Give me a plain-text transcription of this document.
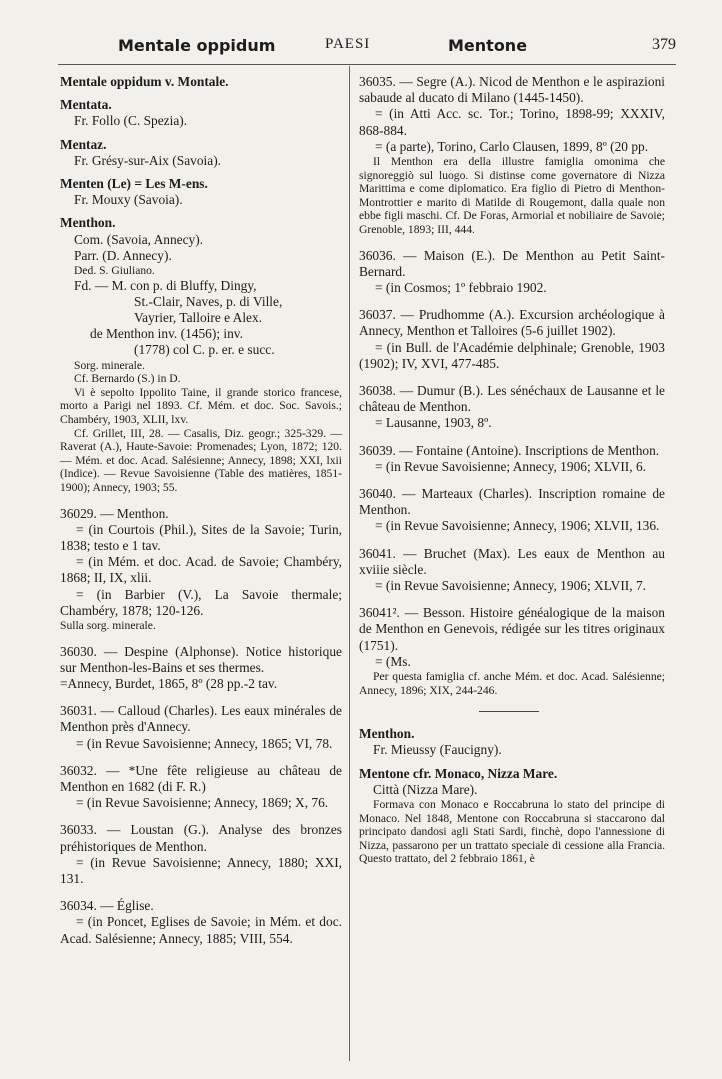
Mentale oppidum	PAESI	Mentone	379

Mentale oppidum v. Montale.

Mentata.

Fr. Follo (C. Spezia).

Mentaz.

Fr. Grésy-sur-Aix (Savoia).

Menten (Le) = Les M-ens.

Fr. Mouxy (Savoia).

Menthon.

Com. (Savoia, Annecy).

Parr. (D. Annecy).

Ded. S. Giuliano.

Fd. — M. con p. di Bluffy, Dingy,

St.-Clair, Naves, p. di Ville,

Vayrier, Talloire e Alex.

de Menthon inv. (1456); inv.

(1778) col C. p. er. e succ.

Sorg. minerale.

Cf. Bernardo (S.) in D.

Vi è sepolto Ippolito Taine, il grande storico francese, morto a Parigi nel 1893. Cf. Mém. et doc. Soc. Savois.; Chambéry, 1903, XLII, lxv.

Cf. Grillet, III, 28. — Casalis, Diz. geogr.; 325-329. — Raverat (A.), Haute-Savoie: Promenades; Lyon, 1872; 120. — Mém. et doc. Acad. Salésienne; Annecy, 1898; XXI, lxii (Indice). — Revue Savoisienne (Table des matières, 1851-1900); Annecy, 1903; 55.

36029. — Menthon.

= (in Courtois (Phil.), Sites de la Savoie; Turin, 1838; testo e 1 tav.

= (in Mém. et doc. Acad. de Savoie; Chambéry, 1868; II, IX, xlii.

= (in Barbier (V.), La Savoie thermale; Chambéry, 1878; 120-126.

Sulla sorg. minerale.

36030. — Despine (Alphonse). Notice historique sur Menthon-les-Bains et ses thermes.

=Annecy, Burdet, 1865, 8º (28 pp.-2 tav.

36031. — Calloud (Charles). Les eaux minérales de Menthon près d'Annecy.

= (in Revue Savoisienne; Annecy, 1865; VI, 78.

36032. — *Une fête religieuse au château de Menthon en 1682 (di F. R.)

= (in Revue Savoisienne; Annecy, 1869; X, 76.

36033. — Loustan (G.). Analyse des bronzes préhistoriques de Menthon.

= (in Revue Savoisienne; Annecy, 1880; XXI, 131.

36034. — Église.

= (in Poncet, Eglises de Savoie; in Mém. et doc. Acad. Salésienne; Annecy, 1885; VIII, 554.

36035. — Segre (A.). Nicod de Menthon e le aspirazioni sabaude al ducato di Milano (1445-1450).

= (in Atti Acc. sc. Tor.; Torino, 1898-99; XXXIV, 868-884.

= (a parte), Torino, Carlo Clausen, 1899, 8º (20 pp.

Il Menthon era della illustre famiglia omonima che signoreggiò sul luogo. Si distinse come governatore di Nizza Marittima e come diplomatico. Era figlio di Pietro di Menthon-Montrottier e marito di Matilde di Rougemont, dalla quale non ebbe figli maschi. Cf. De Foras, Armorial et nobiliaire de Savoie; Grenoble, 1893; III, 444.

36036. — Maison (E.). De Menthon au Petit Saint-Bernard.

= (in Cosmos; 1º febbraio 1902.

36037. — Prudhomme (A.). Excursion archéologique à Annecy, Menthon et Talloires (5-6 juillet 1902).

= (in Bull. de l'Académie delphinale; Grenoble, 1903 (1902); IV, XVI, 477-485.

36038. — Dumur (B.). Les sénéchaux de Lausanne et le château de Menthon.

= Lausanne, 1903, 8º.

36039. — Fontaine (Antoine). Inscriptions de Menthon.

= (in Revue Savoisienne; Annecy, 1906; XLVII, 6.

36040. — Marteaux (Charles). Inscription romaine de Menthon.

= (in Revue Savoisienne; Annecy, 1906; XLVII, 136.

36041. — Bruchet (Max). Les eaux de Menthon au xviiie siècle.

= (in Revue Savoisienne; Annecy, 1906; XLVII, 7.

36041². — Besson. Histoire généalogique de la maison de Menthon en Genevois, rédigée sur les titres originaux (1751).

= (Ms.

Per questa famiglia cf. anche Mém. et doc. Acad. Salésienne; Annecy, 1896; XIX, 244-246.

Menthon.

Fr. Mieussy (Faucigny).

Mentone cfr. Monaco, Nizza Mare.

Città (Nizza Mare).

Formava con Monaco e Roccabruna lo stato del principe di Monaco. Nel 1848, Mentone con Roccabruna si staccarono dal principato dandosi agli Stati Sardi, finchè, dopo l'annessione di Nizza, passarono per un trattato speciale di cessione alla Francia. Questo trattato, del 2 febbraio 1861, è
